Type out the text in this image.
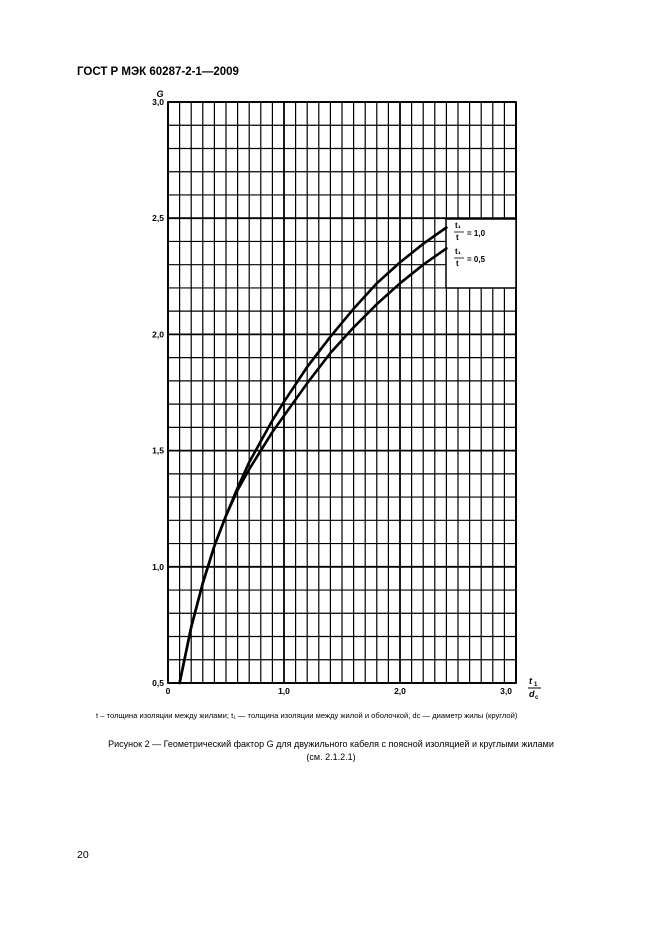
ГОСТ Р МЭК 60287-2-1—2009
t₁
t = 1,0
t₁
t = 0,5
0,5
1,0
1,5
2,0
2,5
3,0
0	1,0	2,0	3,0
G
t 1
d c
t – толщина изоляции между жилами; t₁ — толщина изоляции между жилой и оболочкой, dc — диаметр жилы (круглой)
Рисунок 2 — Геометрический фактор G для двужильного кабеля с поясной изоляцией и круглыми жилами
(см. 2.1.2.1)
20
